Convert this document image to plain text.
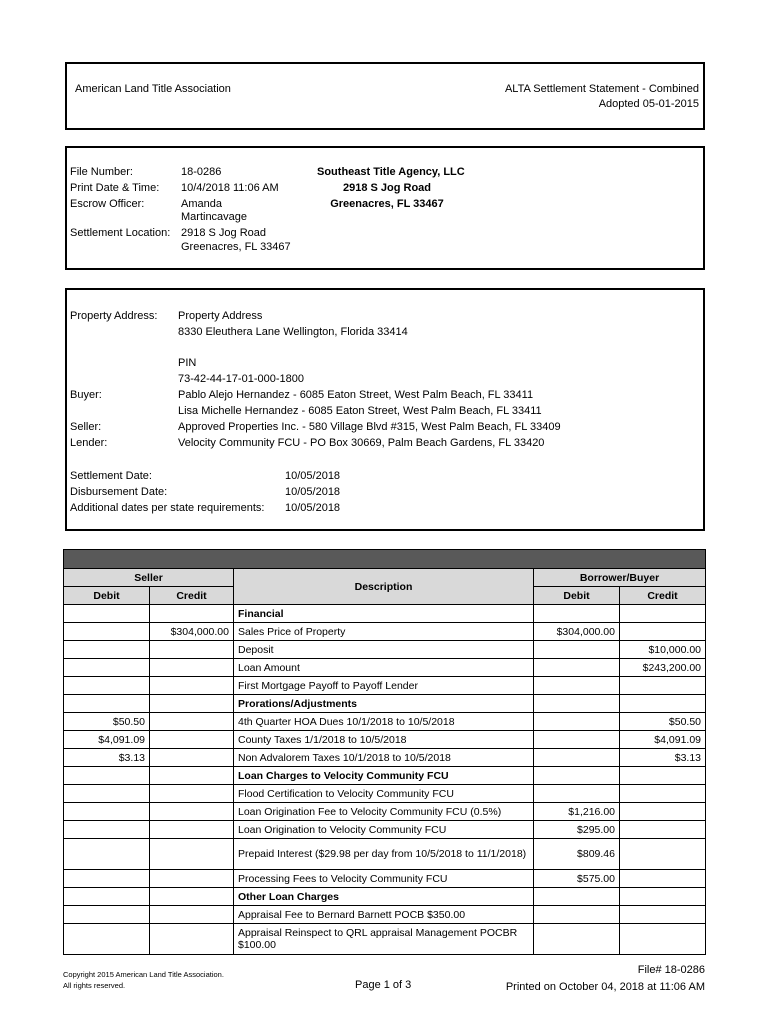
American Land Title Association	ALTA Settlement Statement - Combined
Adopted 05-01-2015
File Number:	18-0286
Print Date & Time: 10/4/2018 11:06 AM
Escrow Officer:	Amanda
Martincavage
Settlement Location: 2918 S Jog Road
Greenacres, FL 33467
Southeast Title Agency, LLC
2918 S Jog Road
Greenacres, FL 33467
Property Address: Property Address
8330 Eleuthera Lane Wellington, Florida 33414
PIN
73-42-44-17-01-000-1800
Buyer:	Pablo Alejo Hernandez - 6085 Eaton Street, West Palm Beach, FL 33411
Lisa Michelle Hernandez - 6085 Eaton Street, West Palm Beach, FL 33411
Seller:	Approved Properties Inc. - 580 Village Blvd #315, West Palm Beach, FL 33409
Lender:	Velocity Community FCU - PO Box 30669, Palm Beach Gardens, FL 33420
Settlement Date:	10/05/2018
Disbursement Date:	10/05/2018
Additional dates per state requirements: 10/05/2018

Seller		Description	Borrower/Buyer	
Debit	Credit		Debit	Credit
		Financial		
	$304,000.00	Sales Price of Property	$304,000.00	
		Deposit		$10,000.00
		Loan Amount		$243,200.00
		First Mortgage Payoff to Payoff Lender		
		Prorations/Adjustments		
$50.50		4th Quarter HOA Dues 10/1/2018 to 10/5/2018		$50.50
$4,091.09		County Taxes 1/1/2018 to 10/5/2018		$4,091.09
$3.13		Non Advalorem Taxes 10/1/2018 to 10/5/2018		$3.13
		Loan Charges to Velocity Community FCU		
		Flood Certification to Velocity Community FCU		
		Loan Origination Fee to Velocity Community FCU (0.5%)	$1,216.00	
		Loan Origination to Velocity Community FCU	$295.00	
		Prepaid Interest ($29.98 per day from 10/5/2018 to 11/1/2018)	$809.46	
		Processing Fees to Velocity Community FCU	$575.00	
		Other Loan Charges		
		Appraisal Fee to Bernard Barnett POCB $350.00		
		Appraisal Reinspect to QRL appraisal Management POCBR $100.00		
Copyright 2015 American Land Title Association.
All rights reserved.	Page 1 of 3
File# 18-0286
Printed on October 04, 2018 at 11:06 AM
